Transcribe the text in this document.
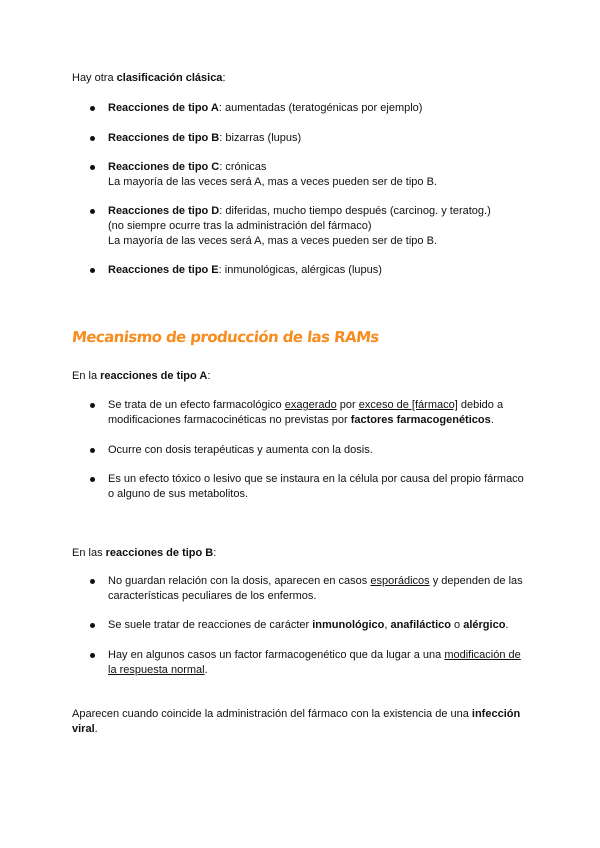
Hay otra clasificación clásica:

Reacciones de tipo A: aumentadas (teratogénicas por ejemplo)
Reacciones de tipo B: bizarras (lupus)
Reacciones de tipo C: crónicas
La mayoría de las veces será A, mas a veces pueden ser de tipo B.
Reacciones de tipo D: diferidas, mucho tiempo después (carcinog. y teratog.)
(no siempre ocurre tras la administración del fármaco)
La mayoría de las veces será A, mas a veces pueden ser de tipo B.
Reacciones de tipo E: inmunológicas, alérgicas (lupus)
Mecanismo de producción de las RAMs

En la reacciones de tipo A:

Se trata de un efecto farmacológico exagerado por exceso de [fármaco] debido a modificaciones farmacocinéticas no previstas por factores farmacogenéticos.
Ocurre con dosis terapéuticas y aumenta con la dosis.
Es un efecto tóxico o lesivo que se instaura en la célula por causa del propio fármaco o alguno de sus metabolitos.

En las reacciones de tipo B:

No guardan relación con la dosis, aparecen en casos esporádicos y dependen de las características peculiares de los enfermos.
Se suele tratar de reacciones de carácter inmunológico, anafiláctico o alérgico.
Hay en algunos casos un factor farmacogenético que da lugar a una modificación de la respuesta normal.

Aparecen cuando coincide la administración del fármaco con la existencia de una infección viral.
